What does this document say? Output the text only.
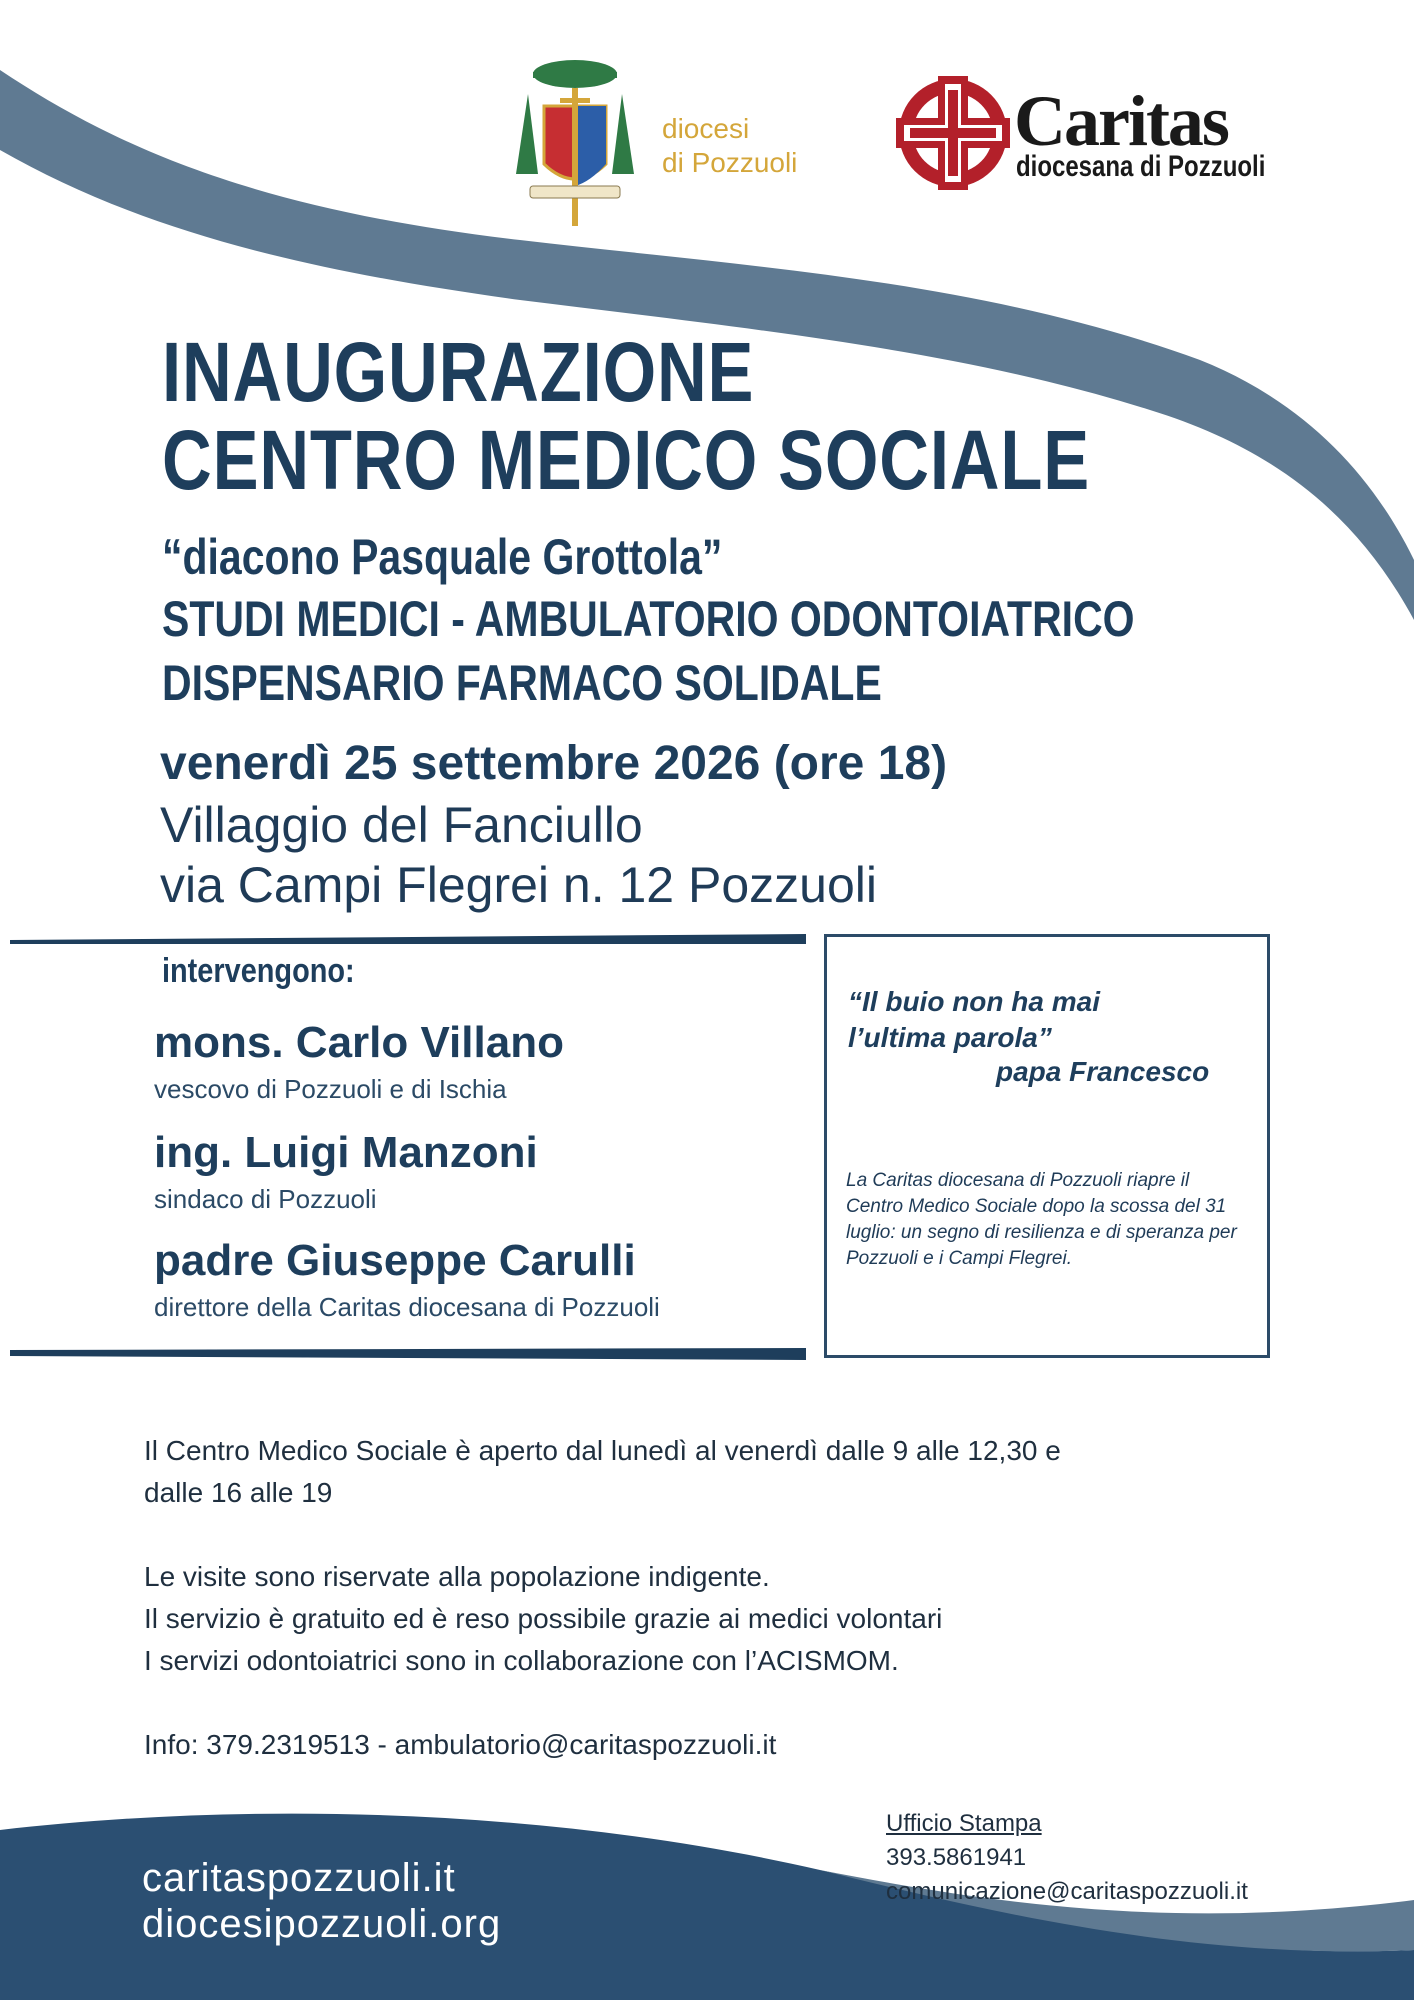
diocesi
di Pozzuoli
Caritas
diocesana di Pozzuoli
INAUGURAZIONE
CENTRO MEDICO SOCIALE
“diacono Pasquale Grottola”
STUDI MEDICI - AMBULATORIO ODONTOIATRICO
DISPENSARIO FARMACO SOLIDALE
venerdì 25 settembre 2026 (ore 18)
Villaggio del Fanciullo
via Campi Flegrei n. 12 Pozzuoli
intervengono:
mons. Carlo Villano
vescovo di Pozzuoli e di Ischia
ing. Luigi Manzoni
sindaco di Pozzuoli
padre Giuseppe Carulli
direttore della Caritas diocesana di Pozzuoli
“Il buio non ha mai
l’ultima parola”
papa Francesco
La Caritas diocesana di Pozzuoli riapre il Centro Medico Sociale dopo la scossa del 31 luglio: un segno di resilienza e di speranza per Pozzuoli e i Campi Flegrei.
Il Centro Medico Sociale è aperto dal lunedì al venerdì dalle 9 alle 12,30 e
dalle 16 alle 19
Le visite sono riservate alla popolazione indigente.
Il servizio è gratuito ed è reso possibile grazie ai medici volontari
I servizi odontoiatrici sono in collaborazione con l’ACISMOM.
Info: 379.2319513 - ambulatorio@caritaspozzuoli.it
Ufficio Stampa
393.5861941
comunicazione@caritaspozzuoli.it
caritaspozzuoli.it
diocesipozzuoli.org
